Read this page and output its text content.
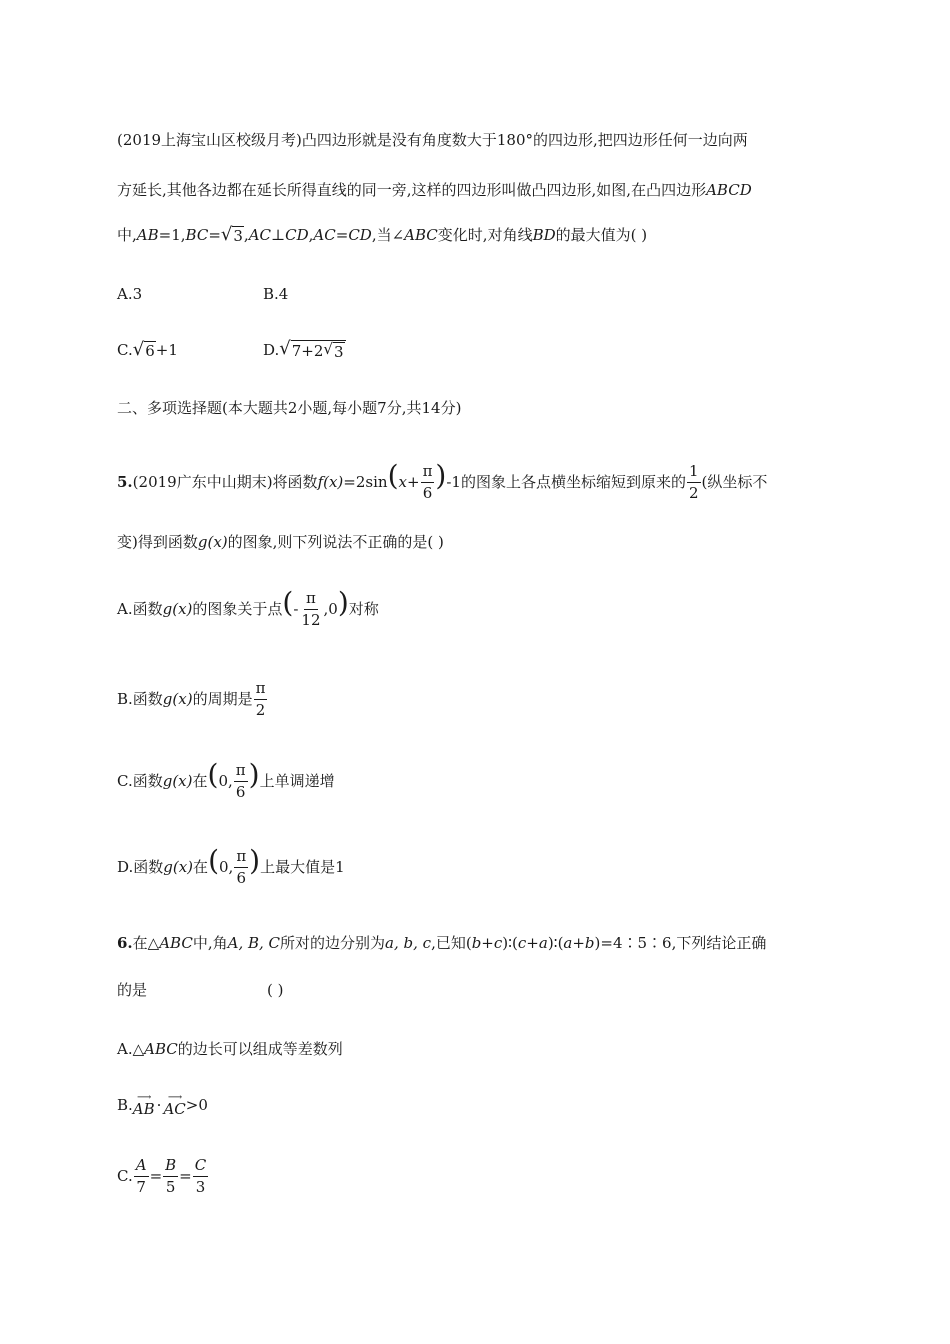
(2019上海宝山区校级月考)凸四边形就是没有角度数大于180°的四边形,把四边形任何一边向两
方延长,其他各边都在延长所得直线的同一旁,这样的四边形叫做凸四边形,如图,在凸四边形 ABCD
中, AB =1, BC = √ 3 , AC ⊥ CD , AC = CD ,当∠ ABC 变化时,对角线 BD 的最大值为( )
A.3	B.4
C. √ 6 +1	D. √ 7+2 √ 3
二、多项选择题(本大题共2小题,每小题7分,共14分)
5. (2019广东中山期末)将函数 f (x) =2sin ( $x + \frac{\pi}{6}$ ) -1的图象上各点横坐标缩短到原来的 $\frac{1}{2}$ (纵坐标不
变)得到函数 g (x) 的图象,则下列说法不正确的是( )
A.函数 g (x) 的图象关于点 ( - $\frac{\pi}{12} ,0$ ) 对称
B.函数 g (x) 的周期是 $\frac{\pi}{2}$
C.函数 g (x) 在 ( 0, $\frac{\pi}{6}$ ) 上单调递增
D.函数 g (x) 在 ( 0, $\frac{\pi}{6}$ ) 上最大值是1
6. 在△ ABC 中,角 A, B, C 所对的边分别为 a, b, c ,已知( b+c )∶( c+a )∶( a+b )=4∶5∶6,下列结论正确
的是	( )
A.△ ABC 的边长可以组成等差数列
B. ⟶
AB · ⟶
AC >0
C. $\frac{A}{7} = \frac{B}{5} = \frac{C}{3}$
